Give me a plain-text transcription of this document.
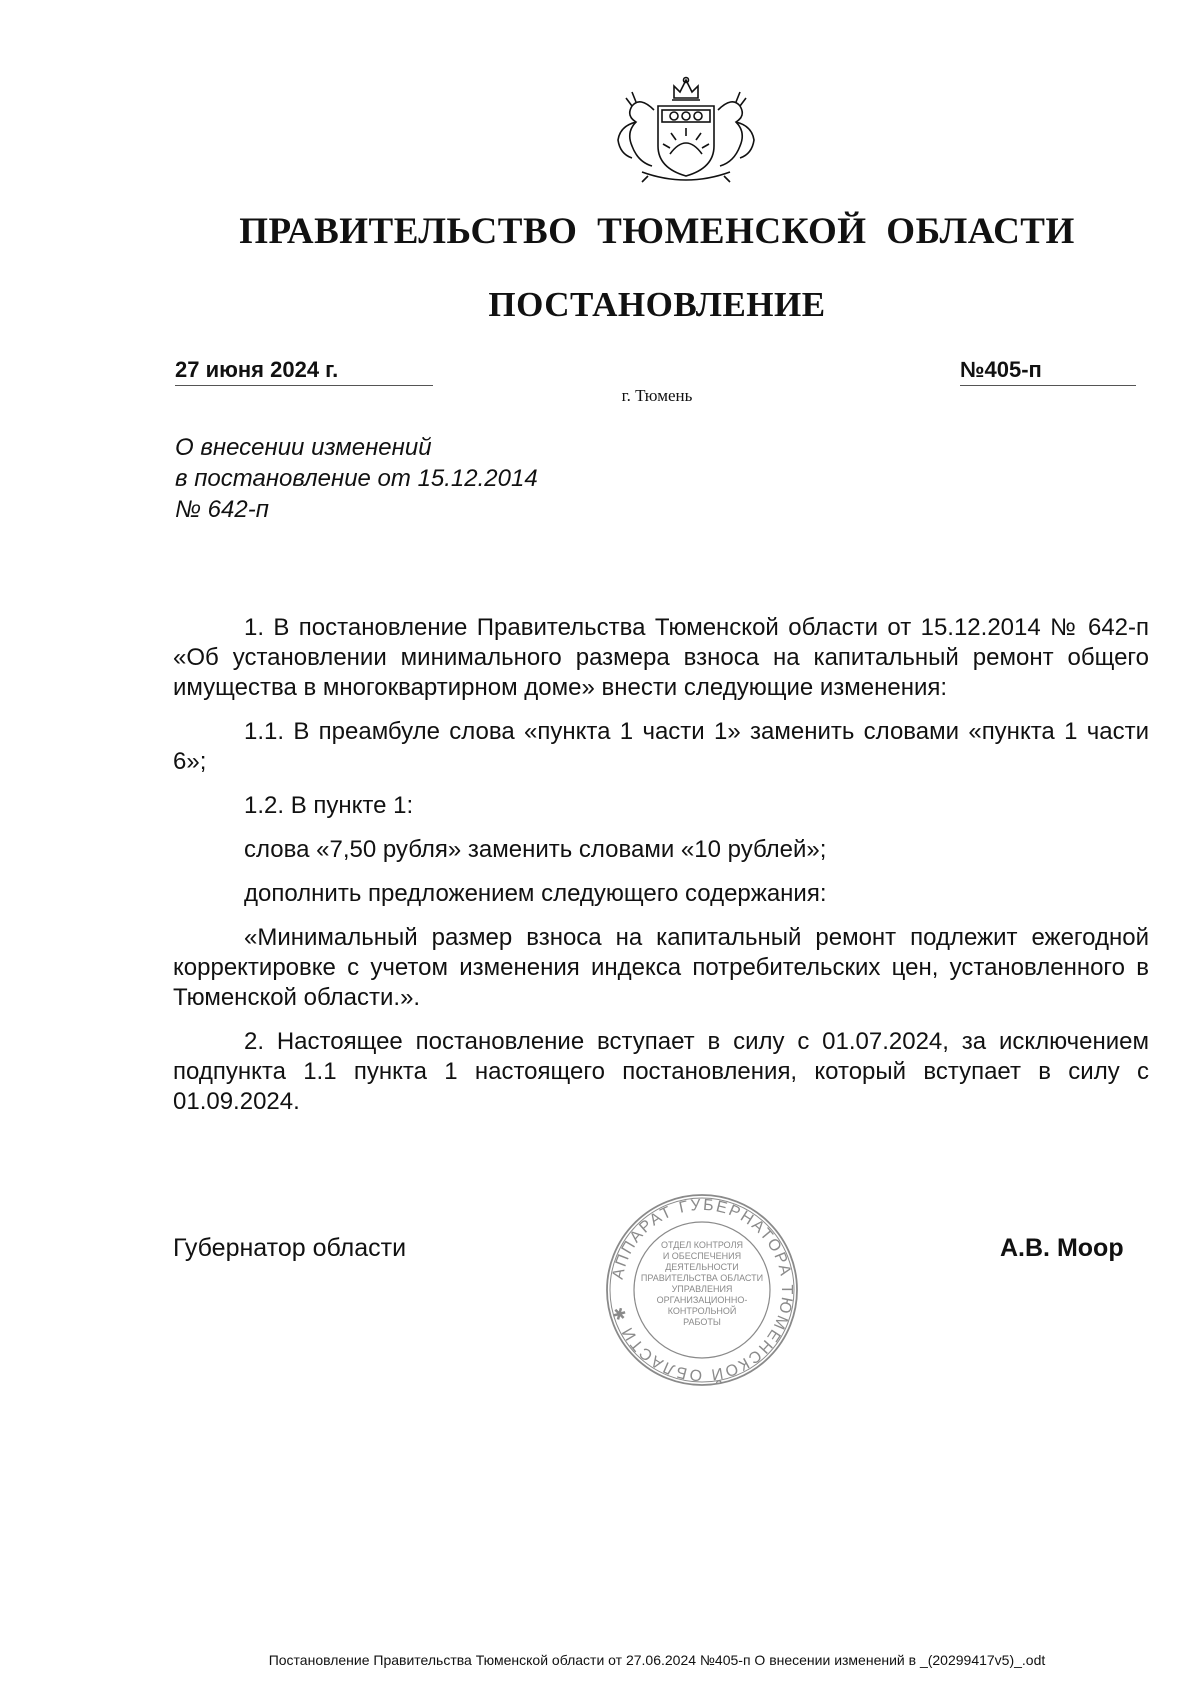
ПРАВИТЕЛЬСТВО ТЮМЕНСКОЙ ОБЛАСТИ
ПОСТАНОВЛЕНИЕ
27 июня 2024 г.	№405-п
г. Тюмень
О внесении изменений
в постановление от 15.12.2014
№ 642-п

1. В постановление Правительства Тюменской области от 15.12.2014 № 642-п «Об установлении минимального размера взноса на капитальный ремонт общего имущества в многоквартирном доме» внести следующие изменения:

1.1. В преамбуле слова «пункта 1 части 1» заменить словами «пункта 1 части 6»;

1.2. В пункте 1:

слова «7,50 рубля» заменить словами «10 рублей»;

дополнить предложением следующего содержания:

«Минимальный размер взноса на капитальный ремонт подлежит ежегодной корректировке с учетом изменения индекса потребительских цен, установленного в Тюменской области.».

2. Настоящее постановление вступает в силу с 01.07.2024, за исключением подпункта 1.1 пункта 1 настоящего постановления, который вступает в силу с 01.09.2024.

Губернатор области
АППАРАТ ГУБЕРНАТОРА ТЮМЕНСКОЙ ОБЛАСТИ ✱
ОТДЕЛ КОНТРОЛЯ
И ОБЕСПЕЧЕНИЯ
ДЕЯТЕЛЬНОСТИ
ПРАВИТЕЛЬСТВА ОБЛАСТИ
УПРАВЛЕНИЯ
ОРГАНИЗАЦИОННО-
КОНТРОЛЬНОЙ
РАБОТЫ
А.В. Моор
Постановление Правительства Тюменской области от 27.06.2024 №405-п О внесении изменений в _(20299417v5)_.odt
